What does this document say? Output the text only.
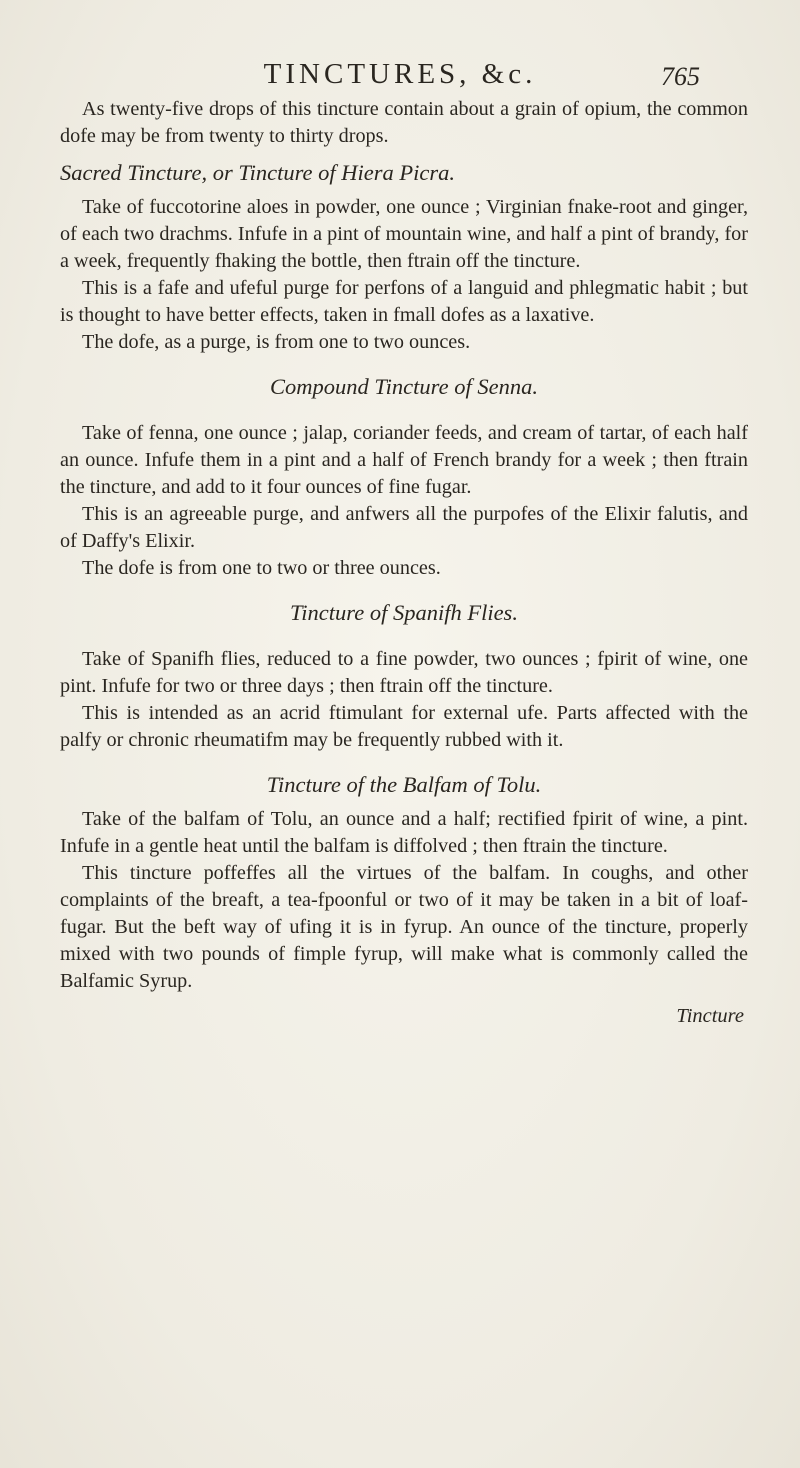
TINCTURES, &c.	765

As twenty-five drops of this tincture contain about a grain of opium, the common dofe may be from twenty to thirty drops.

Sacred Tincture, or Tincture of Hiera Picra.

Take of fuccotorine aloes in powder, one ounce ; Virginian fnake-root and ginger, of each two drachms. Infufe in a pint of mountain wine, and half a pint of brandy, for a week, frequently fhaking the bottle, then ftrain off the tincture.

This is a fafe and ufeful purge for perfons of a languid and phlegmatic habit ; but is thought to have better effects, taken in fmall dofes as a laxative.

The dofe, as a purge, is from one to two ounces.

Compound Tincture of Senna.

Take of fenna, one ounce ; jalap, coriander feeds, and cream of tartar, of each half an ounce. Infufe them in a pint and a half of French brandy for a week ; then ftrain the tincture, and add to it four ounces of fine fugar.

This is an agreeable purge, and anfwers all the purpofes of the Elixir falutis, and of Daffy's Elixir.

The dofe is from one to two or three ounces.

Tincture of Spanifh Flies.

Take of Spanifh flies, reduced to a fine powder, two ounces ; fpirit of wine, one pint. Infufe for two or three days ; then ftrain off the tincture.

This is intended as an acrid ftimulant for external ufe. Parts affected with the palfy or chronic rheumatifm may be frequently rubbed with it.

Tincture of the Balfam of Tolu.

Take of the balfam of Tolu, an ounce and a half; rectified fpirit of wine, a pint. Infufe in a gentle heat until the balfam is diffolved ; then ftrain the tincture.

This tincture poffeffes all the virtues of the balfam. In coughs, and other complaints of the breaft, a tea-fpoonful or two of it may be taken in a bit of loaf-fugar. But the beft way of ufing it is in fyrup. An ounce of the tincture, properly mixed with two pounds of fimple fyrup, will make what is commonly called the Balfamic Syrup.

Tincture
